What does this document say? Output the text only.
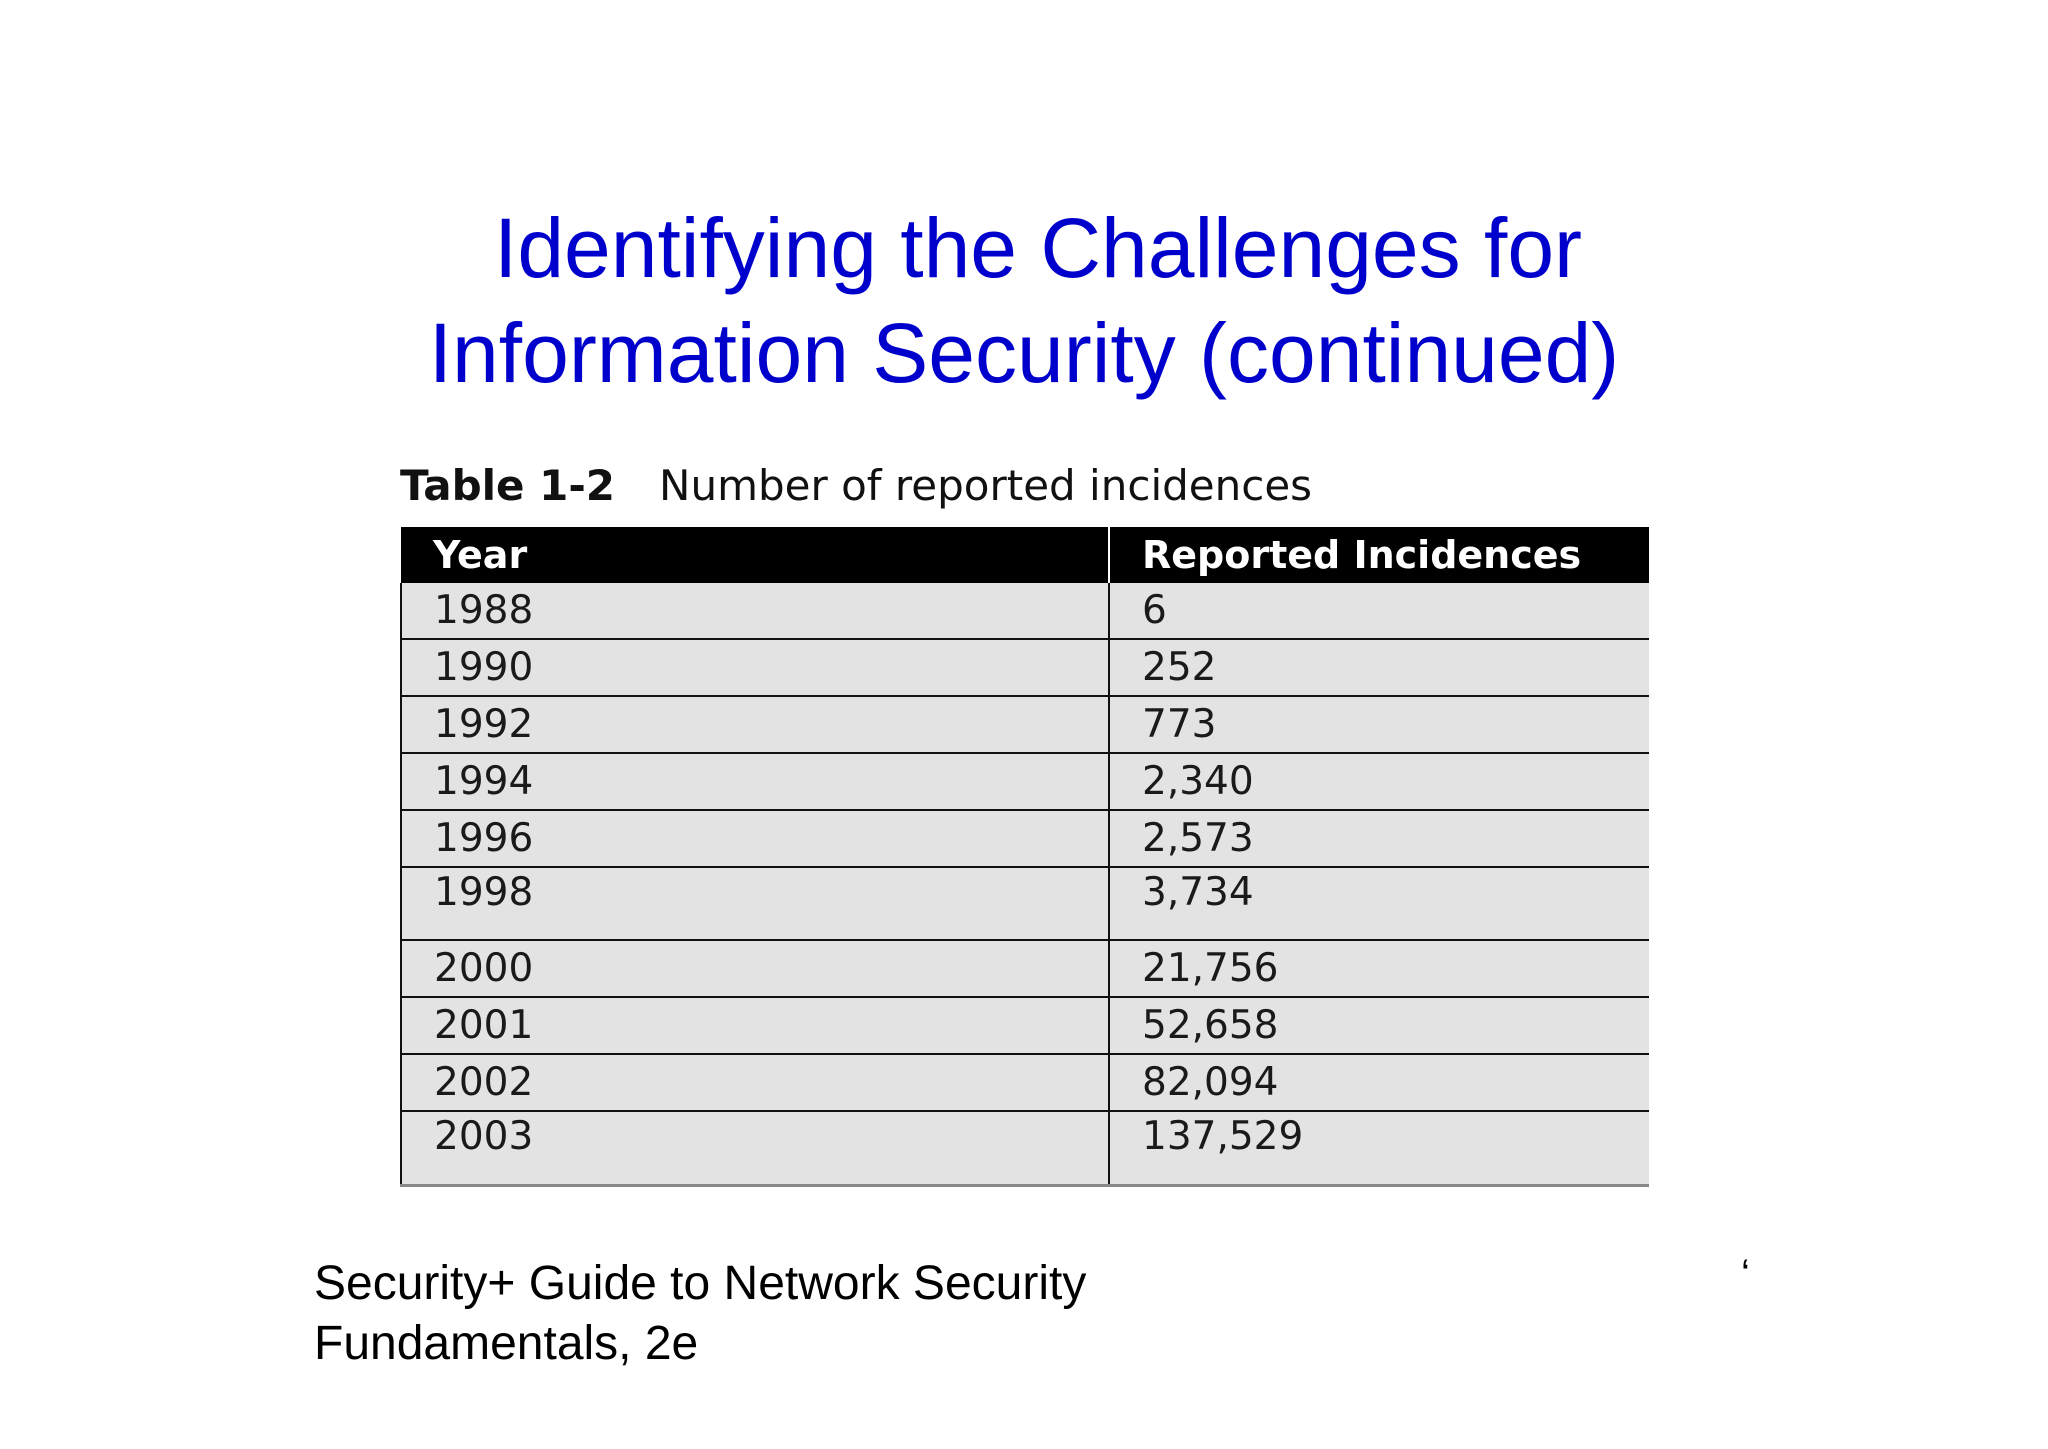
Identifying the Challenges for
Information Security (continued)
Table 1-2 Number of reported incidences
Year	Reported Incidences
1988	6
1990	252
1992	773
1994	2,340
1996	2,573
1998	3,734
2000	21,756
2001	52,658
2002	82,094
2003	137,529
Security+ Guide to Network Security
Fundamentals, 2e
‘
